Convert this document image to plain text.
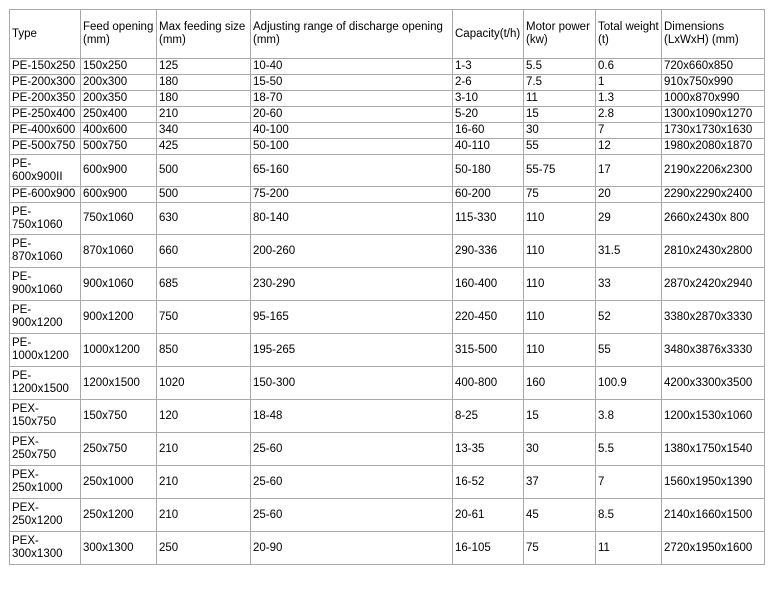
Type	Feed opening (mm)	Max feeding size (mm)	Adjusting range of discharge opening (mm)	Capacity(t/h)	Motor power (kw)	Total weight (t)	Dimensions (LxWxH) (mm)
PE-150x250	150x250	125	10-40	1-3	5.5	0.6	720x660x850
PE-200x300	200x300	180	15-50	2-6	7.5	1	910x750x990
PE-200x350	200x350	180	18-70	3-10	11	1.3	1000x870x990
PE-250x400	250x400	210	20-60	5-20	15	2.8	1300x1090x1270
PE-400x600	400x600	340	40-100	16-60	30	7	1730x1730x1630
PE-500x750	500x750	425	50-100	40-110	55	12	1980x2080x1870
PE-600x900II	600x900	500	65-160	50-180	55-75	17	2190x2206x2300
PE-600x900	600x900	500	75-200	60-200	75	20	2290x2290x2400
PE-750x1060	750x1060	630	80-140	115-330	110	29	2660x2430x 800
PE-870x1060	870x1060	660	200-260	290-336	110	31.5	2810x2430x2800
PE-900x1060	900x1060	685	230-290	160-400	110	33	2870x2420x2940
PE-900x1200	900x1200	750	95-165	220-450	110	52	3380x2870x3330
PE-1000x1200	1000x1200	850	195-265	315-500	110	55	3480x3876x3330
PE-1200x1500	1200x1500	1020	150-300	400-800	160	100.9	4200x3300x3500
PEX-150x750	150x750	120	18-48	8-25	15	3.8	1200x1530x1060
PEX-250x750	250x750	210	25-60	13-35	30	5.5	1380x1750x1540
PEX-250x1000	250x1000	210	25-60	16-52	37	7	1560x1950x1390
PEX-250x1200	250x1200	210	25-60	20-61	45	8.5	2140x1660x1500
PEX-300x1300	300x1300	250	20-90	16-105	75	11	2720x1950x1600
